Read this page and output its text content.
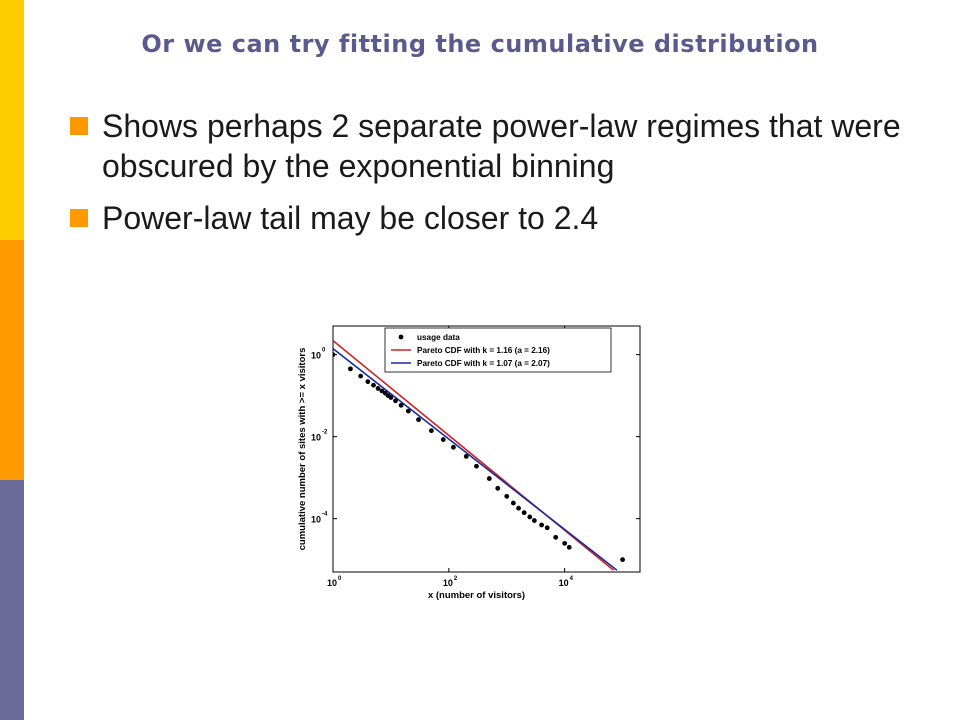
Or we can try fitting the cumulative distribution
Shows perhaps 2 separate power-law regimes that were obscured by the exponential binning
Power-law tail may be closer to 2.4
10 0	10 2	10 4
10 0
10 -2
10 -4
x (number of visitors)
cumulative number of sites with >= x visitors
usage data
Pareto CDF with k = 1.16 (a = 2.16)
Pareto CDF with k = 1.07 (a = 2.07)
